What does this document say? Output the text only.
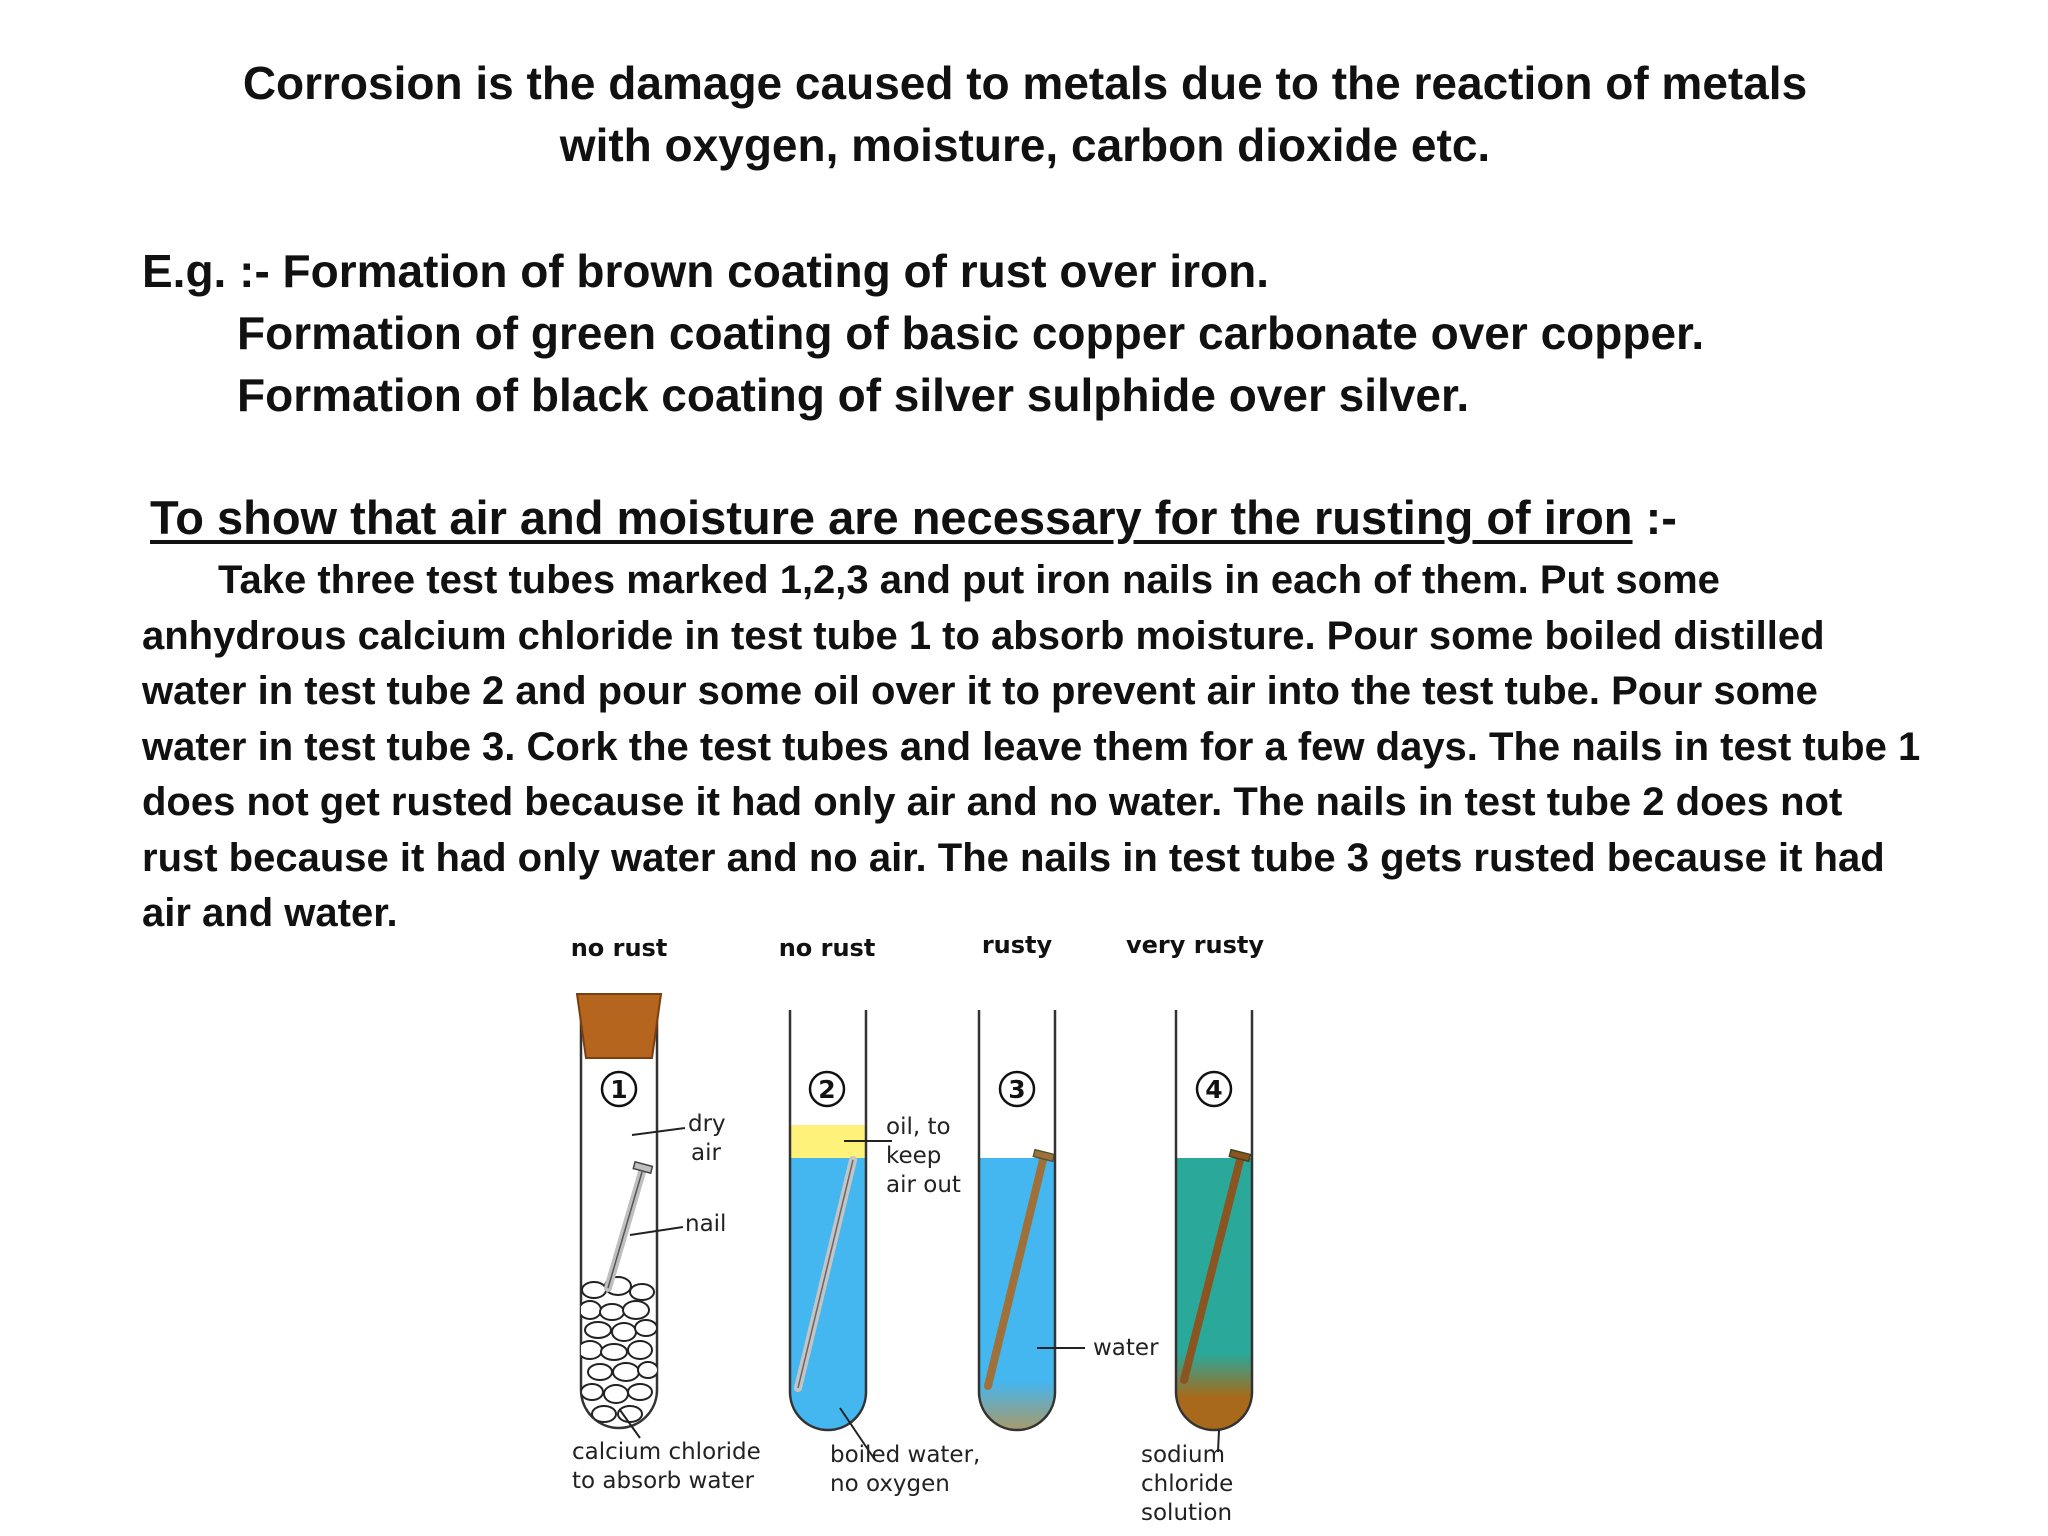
Corrosion is the damage caused to metals due to the reaction of metals with oxygen, moisture, carbon dioxide etc.
E.g. :- Formation of brown coating of rust over iron.
Formation of green coating of basic copper carbonate over copper.
Formation of black coating of silver sulphide over silver.
To show that air and moisture are necessary for the rusting of iron :-
Take three test tubes marked 1,2,3 and put iron nails in each of them. Put some anhydrous calcium chloride in test tube 1 to absorb moisture. Pour some boiled distilled water in test tube 2 and pour some oil over it to prevent air into the test tube. Pour some water in test tube 3. Cork the test tubes and leave them for a few days. The nails in test tube 1 does not get rusted because it had only air and no water. The nails in test tube 2 does not rust because it had only water and no air. The nails in test tube 3 gets rusted because it had air and water.
no rust	no rust	rusty	very rusty
1	2	3	4
dry
air
nail
oil, to
keep
air out
water
calcium chloride
to absorb water
boiled water,
no oxygen
sodium
chloride
solution
